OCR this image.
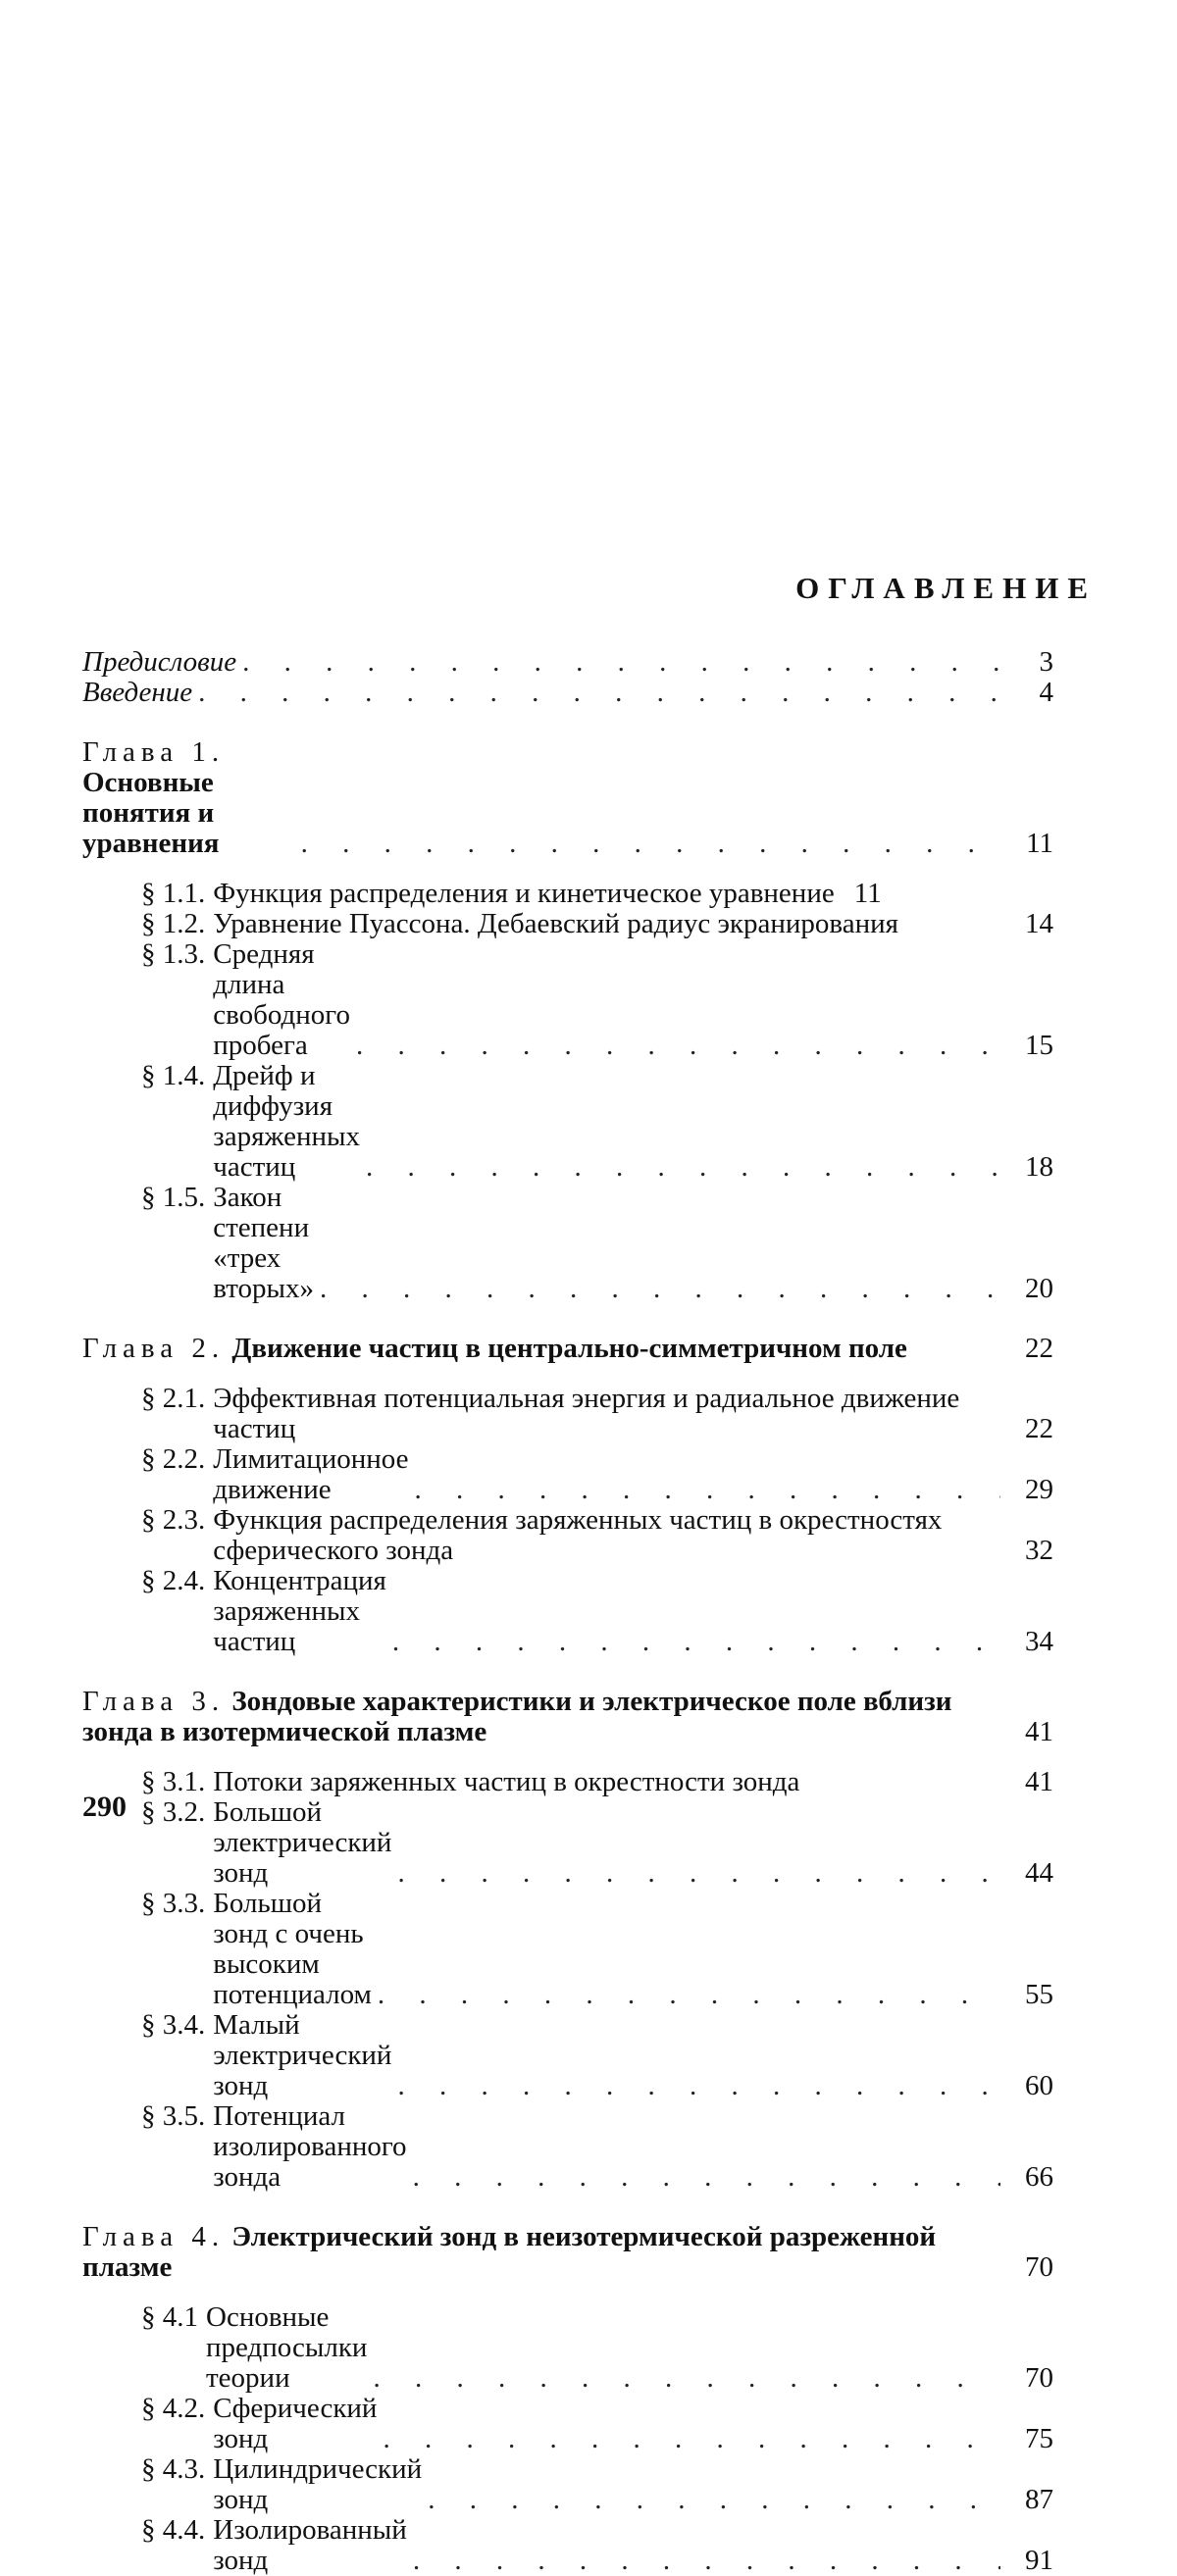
ОГЛАВЛЕНИЕ
Предисловие . . .	3
Введение . . .	4
Глава 1. Основные понятия и уравнения . . .	11
§ 1.1. Функция распределения и кинетическое уравнение 11
§ 1.2. Уравнение Пуассона. Дебаевский радиус экранирования	14
§ 1.3. Средняя длина свободного пробега . . .	15
§ 1.4. Дрейф и диффузия заряженных частиц . . .	18
§ 1.5. Закон степени «трех вторых» . . .	20
Глава 2. Движение частиц в центрально-симметричном поле	22
§ 2.1. Эффективная потенциальная энергия и радиальное движение частиц	22
§ 2.2. Лимитационное движение . . .	29
§ 2.3. Функция распределения заряженных частиц в окрестностях сферического зонда	32
§ 2.4. Концентрация заряженных частиц . . .	34
Глава 3. Зондовые характеристики и электрическое поле вблизи зонда в изотермической плазме	41
§ 3.1. Потоки заряженных частиц в окрестности зонда	41
§ 3.2. Большой электрический зонд . . .	44
§ 3.3. Большой зонд с очень высоким потенциалом . . .	55
§ 3.4. Малый электрический зонд . . .	60
§ 3.5. Потенциал изолированного зонда . . .	66
Глава 4. Электрический зонд в неизотермической разреженной плазме	70
§ 4.1 Основные предпосылки теории . . .	70
§ 4.2. Сферический зонд . . .	75
§ 4.3. Цилиндрический зонд . . .	87
§ 4.4. Изолированный зонд . . .	91
290
